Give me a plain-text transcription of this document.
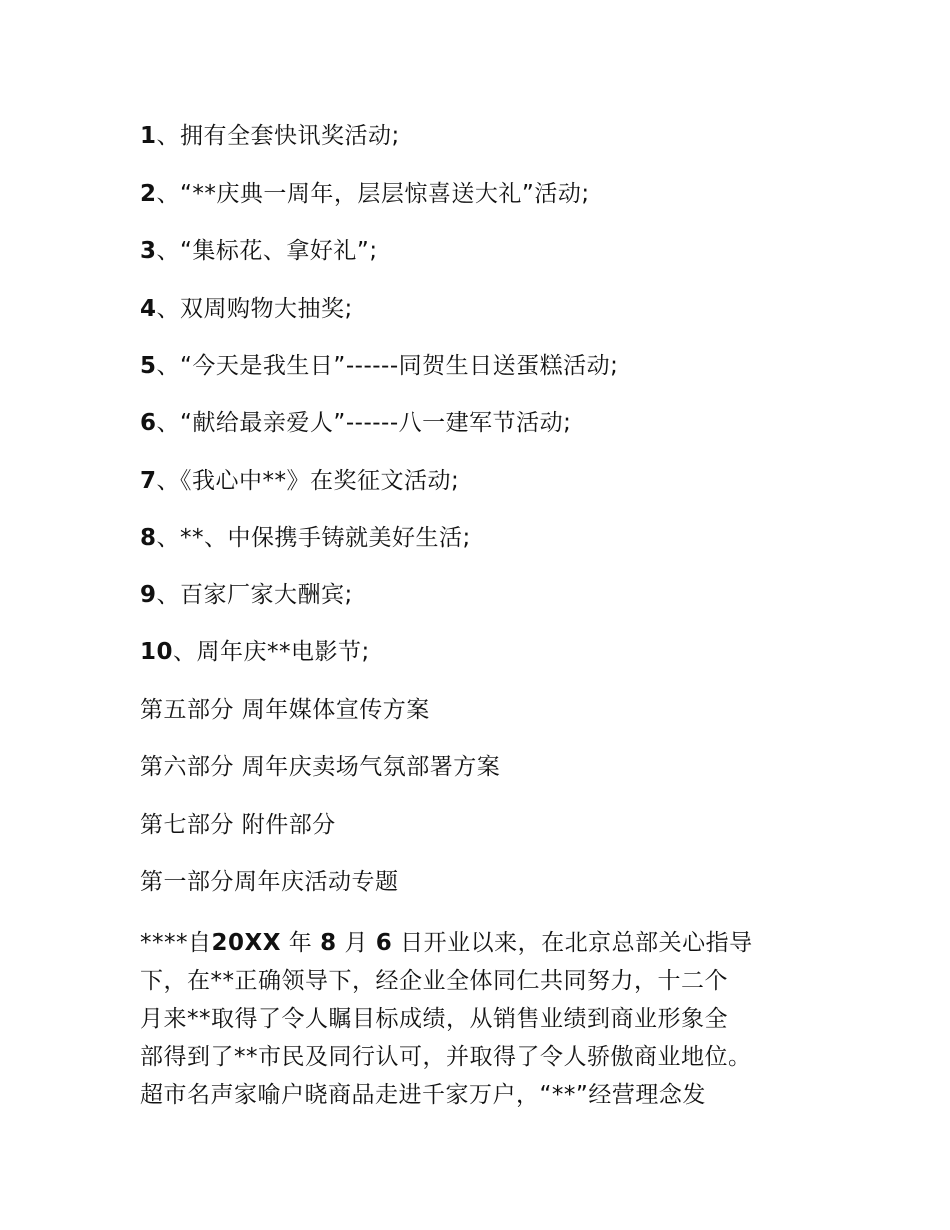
1、拥有全套快讯奖活动;
2、“**庆典一周年，层层惊喜送大礼”活动;
3、“集标花、拿好礼”;
4、双周购物大抽奖;
5、“今天是我生日”------同贺生日送蛋糕活动;
6、“献给最亲爱人”------八一建军节活动;
7、《我心中**》在奖征文活动;
8、**、中保携手铸就美好生活;
9、百家厂家大酬宾;
10、周年庆**电影节;
第五部分 周年媒体宣传方案
第六部分 周年庆卖场气氛部署方案
第七部分 附件部分
第一部分周年庆活动专题
****自20XX 年 8 月 6 日开业以来，在北京总部关心指导
下，在**正确领导下，经企业全体同仁共同努力，十二个
月来**取得了令人瞩目标成绩，从销售业绩到商业形象全
部得到了**市民及同行认可，并取得了令人骄傲商业地位。
超市名声家喻户晓商品走进千家万户，“**”经营理念发
